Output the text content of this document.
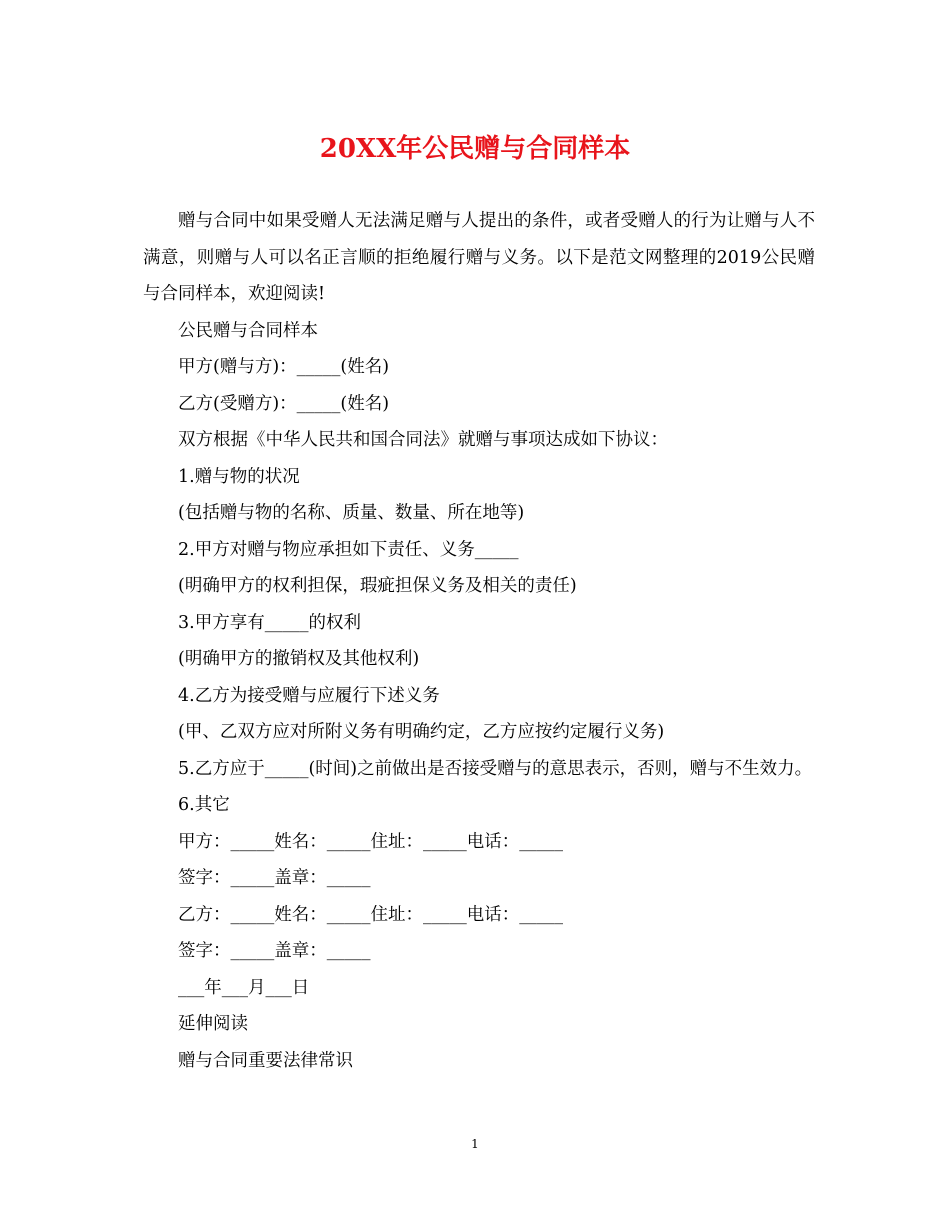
20XX年公民赠与合同样本

赠与合同中如果受赠人无法满足赠与人提出的条件，或者受赠人的行为让赠与人不满意，则赠与人可以名正言顺的拒绝履行赠与义务。以下是范文网整理的2019公民赠与合同样本，欢迎阅读!

公民赠与合同样本

甲方(赠与方)：_____(姓名)

乙方(受赠方)：_____(姓名)

双方根据《中华人民共和国合同法》就赠与事项达成如下协议：

1.赠与物的状况

(包括赠与物的名称、质量、数量、所在地等)

2.甲方对赠与物应承担如下责任、义务_____

(明确甲方的权利担保，瑕疵担保义务及相关的责任)

3.甲方享有_____的权利

(明确甲方的撤销权及其他权利)

4.乙方为接受赠与应履行下述义务

(甲、乙双方应对所附义务有明确约定，乙方应按约定履行义务)

5.乙方应于_____(时间)之前做出是否接受赠与的意思表示，否则，赠与不生效力。

6.其它

甲方：_____姓名：_____住址：_____电话：_____

签字：_____盖章：_____

乙方：_____姓名：_____住址：_____电话：_____

签字：_____盖章：_____

___年___月___日

延伸阅读

赠与合同重要法律常识

1
